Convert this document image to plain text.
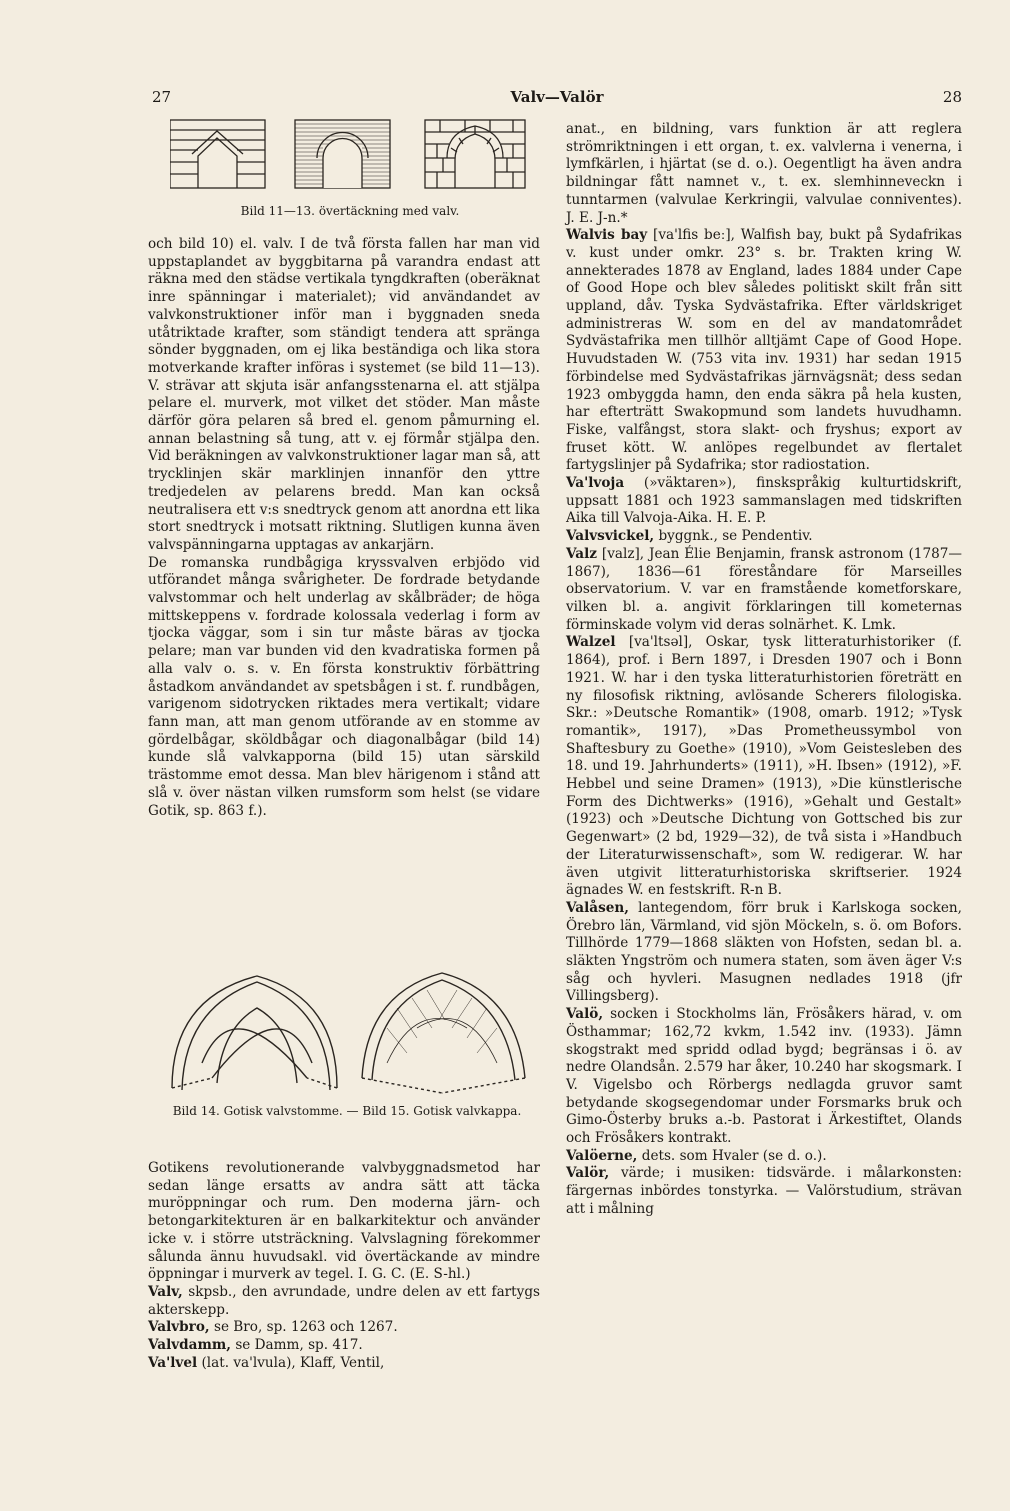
27	Valv—Valör	28
Bild 11—13. övertäckning med valv.

och bild 10) el. valv. I de två första fallen har man vid uppstaplandet av byggbitarna på varandra endast att räkna med den städse vertikala tyngdkraften (oberäknat inre spänningar i materialet); vid användandet av valvkonstruktioner inför man i byggnaden sneda utåtriktade krafter, som ständigt tendera att spränga sönder byggnaden, om ej lika beständiga och lika stora motverkande krafter införas i systemet (se bild 11—13). V. strävar att skjuta isär anfangsstenarna el. att stjälpa pelare el. murverk, mot vilket det stöder. Man måste därför göra pelaren så bred el. genom påmurning el. annan belastning så tung, att v. ej förmår stjälpa den. Vid beräkningen av valvkonstruktioner lagar man så, att trycklinjen skär marklinjen innanför den yttre tredjedelen av pelarens bredd. Man kan också neutralisera ett v:s snedtryck genom att anordna ett lika stort snedtryck i motsatt riktning. Slutligen kunna även valvspänningarna upptagas av ankarjärn.

De romanska rundbågiga kryssvalven erbjödo vid utförandet många svårigheter. De fordrade betydande valvstommar och helt underlag av skålbräder; de höga mittskeppens v. fordrade kolossala vederlag i form av tjocka väggar, som i sin tur måste bäras av tjocka pelare; man var bunden vid den kvadratiska formen på alla valv o. s. v. En första konstruktiv förbättring åstadkom användandet av spetsbågen i st. f. rundbågen, varigenom sidotrycken riktades mera vertikalt; vidare fann man, att man genom utförande av en stomme av gördelbågar, sköldbågar och diagonalbågar (bild 14) kunde slå valvkapporna (bild 15) utan särskild trästomme emot dessa. Man blev härigenom i stånd att slå v. över nästan vilken rumsform som helst (se vidare Gotik, sp. 863 f.).

Bild 14. Gotisk valvstomme. — Bild 15. Gotisk valvkappa.

Gotikens revolutionerande valvbyggnadsmetod har sedan länge ersatts av andra sätt att täcka muröppningar och rum. Den moderna järn- och betongarkitekturen är en balkarkitektur och använder icke v. i större utsträckning. Valvslagning förekommer sålunda ännu huvudsakl. vid övertäckande av mindre öppningar i murverk av tegel. I. G. C. (E. S-hl.)

Valv, skpsb., den avrundade, undre delen av ett fartygs akterskepp.

Valvbro, se Bro, sp. 1263 och 1267.

Valvdamm, se Damm, sp. 417.

Va'lvel (lat. va'lvula), Klaff, Ventil,

anat., en bildning, vars funktion är att reglera strömriktningen i ett organ, t. ex. valvlerna i venerna, i lymfkärlen, i hjärtat (se d. o.). Oegentligt ha även andra bildningar fått namnet v., t. ex. slemhinneveckn i tunntarmen (valvulae Kerkringii, valvulae conniventes). J. E. J-n.*

Walvis bay [va'lfis beː], Walfish bay, bukt på Sydafrikas v. kust under omkr. 23° s. br. Trakten kring W. annekterades 1878 av England, lades 1884 under Cape of Good Hope och blev således politiskt skilt från sitt uppland, dåv. Tyska Sydvästafrika. Efter världskriget administreras W. som en del av mandatområdet Sydvästafrika men tillhör alltjämt Cape of Good Hope. Huvudstaden W. (753 vita inv. 1931) har sedan 1915 förbindelse med Sydvästafrikas järnvägsnät; dess sedan 1923 ombyggda hamn, den enda säkra på hela kusten, har efterträtt Swakopmund som landets huvudhamn. Fiske, valfångst, stora slakt- och fryshus; export av fruset kött. W. anlöpes regelbundet av flertalet fartygslinjer på Sydafrika; stor radiostation.

Va'lvoja (»väktaren»), finskspråkig kulturtidskrift, uppsatt 1881 och 1923 sammanslagen med tidskriften Aika till Valvoja-Aika. H. E. P.

Valvsvickel, byggnk., se Pendentiv.

Valz [valz], Jean Élie Benjamin, fransk astronom (1787—1867), 1836—61 föreståndare för Marseilles observatorium. V. var en framstående kometforskare, vilken bl. a. angivit förklaringen till kometernas förminskade volym vid deras solnärhet. K. Lmk.

Walzel [va'ltsəl], Oskar, tysk litteraturhistoriker (f. 1864), prof. i Bern 1897, i Dresden 1907 och i Bonn 1921. W. har i den tyska litteraturhistorien företrätt en ny filosofisk riktning, avlösande Scherers filologiska. Skr.: »Deutsche Romantik» (1908, omarb. 1912; »Tysk romantik», 1917), »Das Prometheussymbol von Shaftesbury zu Goethe» (1910), »Vom Geistesleben des 18. und 19. Jahrhunderts» (1911), »H. Ibsen» (1912), »F. Hebbel und seine Dramen» (1913), »Die künstlerische Form des Dichtwerks» (1916), »Gehalt und Gestalt» (1923) och »Deutsche Dichtung von Gottsched bis zur Gegenwart» (2 bd, 1929—32), de två sista i »Handbuch der Literaturwissenschaft», som W. redigerar. W. har även utgivit litteraturhistoriska skriftserier. 1924 ägnades W. en festskrift. R-n B.

Valåsen, lantegendom, förr bruk i Karlskoga socken, Örebro län, Värmland, vid sjön Möckeln, s. ö. om Bofors. Tillhörde 1779—1868 släkten von Hofsten, sedan bl. a. släkten Yngström och numera staten, som även äger V:s såg och hyvleri. Masugnen nedlades 1918 (jfr Villingsberg).

Valö, socken i Stockholms län, Frösåkers härad, v. om Östhammar; 162,72 kvkm, 1.542 inv. (1933). Jämn skogstrakt med spridd odlad bygd; begränsas i ö. av nedre Olandsån. 2.579 har åker, 10.240 har skogsmark. I V. Vigelsbo och Rörbergs nedlagda gruvor samt betydande skogsegendomar under Forsmarks bruk och Gimo-Österby bruks a.-b. Pastorat i Ärkestiftet, Olands och Frösåkers kontrakt.

Valöerne, dets. som Hvaler (se d. o.).

Valör, värde; i musiken: tidsvärde. i målarkonsten: färgernas inbördes tonstyrka. — Valörstudium, strävan att i målning
